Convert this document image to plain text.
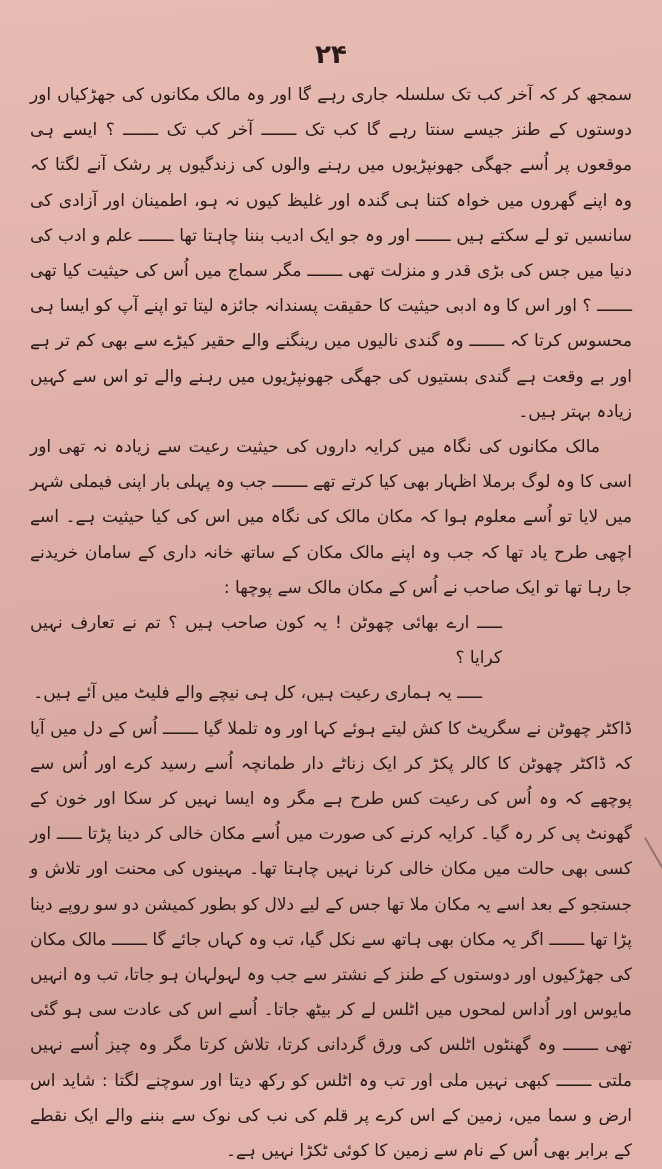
۲۴

سمجھ کر کہ آخر کب تک سلسلہ جاری رہے گا اور وہ مالک مکانوں کی جھڑکیاں اور دوستوں کے طنز جیسے سنتا رہے گا کب تک ـــــــ آخر کب تک ـــــــ ؟ ایسے ہی موقعوں پر اُسے جھگی جھونپڑیوں میں رہنے والوں کی زندگیوں پر رشک آنے لگتا کہ وہ اپنے گھروں میں خواہ کتنا ہی گندہ اور غلیظ کیوں نہ ہو، اطمینان اور آزادی کی سانسیں تو لے سکتے ہیں ـــــــ اور وہ جو ایک ادیب بننا چاہتا تھا ـــــــ علم و ادب کی دنیا میں جس کی بڑی قدر و منزلت تھی ـــــــ مگر سماج میں اُس کی حیثیت کیا تھی ـــــــ ؟ اور اس کا وہ ادبی حیثیت کا حقیقت پسندانہ جائزہ لیتا تو اپنے آپ کو ایسا ہی محسوس کرتا کہ ـــــــ وہ گندی نالیوں میں رینگنے والے حقیر کیڑے سے بھی کم تر ہے اور بے وقعت ہے گندی بستیوں کی جھگی جھونپڑیوں میں رہنے والے تو اس سے کہیں زیادہ بہتر ہیں۔

مالک مکانوں کی نگاہ میں کرایہ داروں کی حیثیت رعیت سے زیادہ نہ تھی اور اسی کا وہ لوگ برملا اظہار بھی کیا کرتے تھے ـــــــ جب وہ پہلی بار اپنی فیملی شہر میں لایا تو اُسے معلوم ہوا کہ مکان مالک کی نگاہ میں اس کی کیا حیثیت ہے۔ اسے اچھی طرح یاد تھا کہ جب وہ اپنے مالک مکان کے ساتھ خانہ داری کے سامان خریدنے جا رہا تھا تو ایک صاحب نے اُس کے مکان مالک سے پوچھا :

ـــــ ارے بھائی چھوٹن ! یہ کون صاحب ہیں ؟ تم نے تعارف نہیں کرایا ؟

ـــــ یہ ہماری رعیت ہیں، کل ہی نیچے والے فلیٹ میں آئے ہیں۔

ڈاکٹر چھوٹن نے سگریٹ کا کش لیتے ہوئے کہا اور وہ تلملا گیا ـــــــ اُس کے دل میں آیا کہ ڈاکٹر چھوٹن کا کالر پکڑ کر ایک زناٹے دار طمانچہ اُسے رسید کرے اور اُس سے پوچھے کہ وہ اُس کی رعیت کس طرح ہے مگر وہ ایسا نہیں کر سکا اور خون کے گھونٹ پی کر رہ گیا۔ کرایہ کرنے کی صورت میں اُسے مکان خالی کر دینا پڑتا ـــــ اور کسی بھی حالت میں مکان خالی کرنا نہیں چاہتا تھا۔ مہینوں کی محنت اور تلاش و جستجو کے بعد اسے یہ مکان ملا تھا جس کے لیے دلال کو بطور کمیشن دو سو روپے دینا پڑا تھا ـــــــ اگر یہ مکان بھی ہاتھ سے نکل گیا، تب وہ کہاں جائے گا ـــــــ مالک مکان کی جھڑکیوں اور دوستوں کے طنز کے نشتر سے جب وہ لہولہان ہو جاتا، تب وہ انہیں مایوس اور اُداس لمحوں میں اٹلس لے کر بیٹھ جاتا۔ اُسے اس کی عادت سی ہو گئی تھی ـــــــ وہ گھنٹوں اٹلس کی ورق گردانی کرتا، تلاش کرتا مگر وہ چیز اُسے نہیں ملتی ـــــــ کبھی نہیں ملی اور تب وہ اٹلس کو رکھ دیتا اور سوچنے لگتا : شاید اس ارض و سما میں، زمین کے اس کرے پر قلم کی نب کی نوک سے بننے والے ایک نقطے کے برابر بھی اُس کے نام سے زمین کا کوئی ٹکڑا نہیں ہے۔
